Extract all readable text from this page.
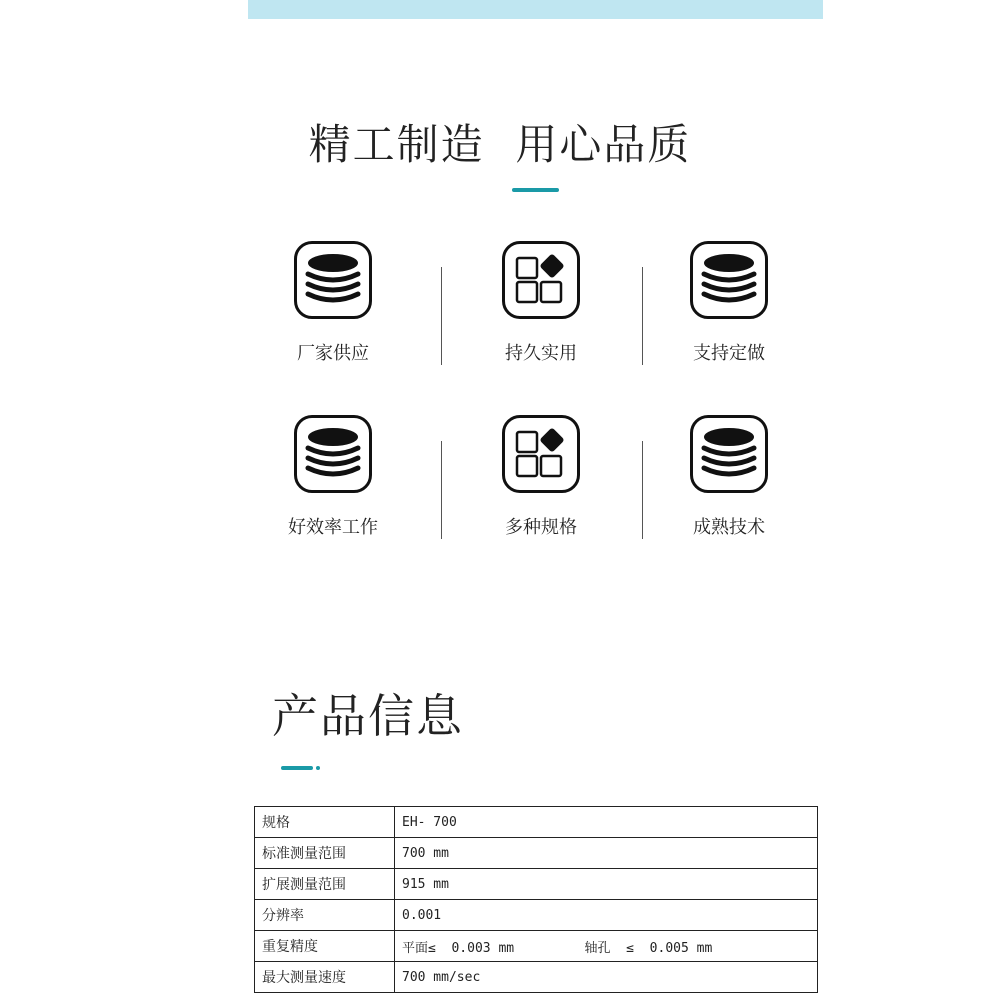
精工制造  用心品质
厂家供应	持久实用	支持定做
好效率工作	多种规格	成熟技术
产品信息
规格	EH- 700
标准测量范围	700 mm
扩展测量范围	915 mm
分辨率	0.001
重复精度	平面≤  0.003 mm         轴孔  ≤  0.005 mm
最大测量速度	700 mm/sec
